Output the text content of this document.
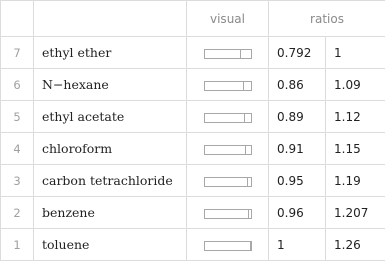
		visual	ratios	
7	ethyl ether		0.792	1
6	N−hexane		0.86	1.09
5	ethyl acetate		0.89	1.12
4	chloroform		0.91	1.15
3	carbon tetrachloride		0.95	1.19
2	benzene		0.96	1.207
1	toluene		1	1.26
